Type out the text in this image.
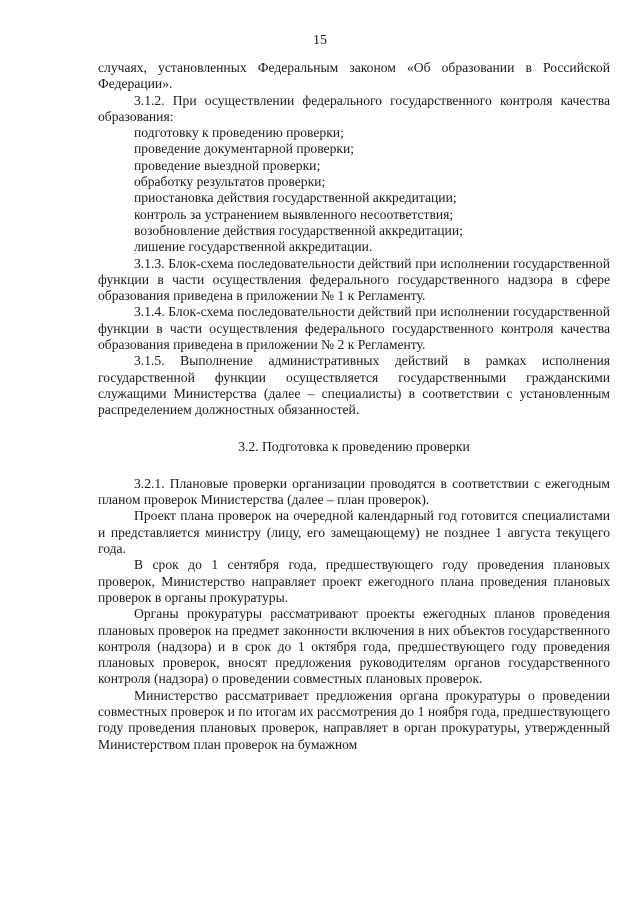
15

случаях, установленных Федеральным законом «Об образовании в Российской Федерации».

3.1.2. При осуществлении федерального государственного контроля качества образования:

подготовку к проведению проверки;

проведение документарной проверки;

проведение выездной проверки;

обработку результатов проверки;

приостановка действия государственной аккредитации;

контроль за устранением выявленного несоответствия;

возобновление действия государственной аккредитации;

лишение государственной аккредитации.

3.1.3. Блок-схема последовательности действий при исполнении государственной функции в части осуществления федерального государственного надзора в сфере образования приведена в приложении № 1 к Регламенту.

3.1.4. Блок-схема последовательности действий при исполнении государственной функции в части осуществления федерального государственного контроля качества образования приведена в приложении № 2 к Регламенту.

3.1.5. Выполнение административных действий в рамках исполнения государственной функции осуществляется государственными гражданскими служащими Министерства (далее – специалисты) в соответствии с установленным распределением должностных обязанностей.

3.2. Подготовка к проведению проверки

3.2.1. Плановые проверки организации проводятся в соответствии с ежегодным планом проверок Министерства (далее – план проверок).

Проект плана проверок на очередной календарный год готовится специалистами и представляется министру (лицу, его замещающему) не позднее 1 августа текущего года.

В срок до 1 сентября года, предшествующего году проведения плановых проверок, Министерство направляет проект ежегодного плана проведения плановых проверок в органы прокуратуры.

Органы прокуратуры рассматривают проекты ежегодных планов проведения плановых проверок на предмет законности включения в них объектов государственного контроля (надзора) и в срок до 1 октября года, предшествующего году проведения плановых проверок, вносят предложения руководителям органов государственного контроля (надзора) о проведении совместных плановых проверок.

Министерство рассматривает предложения органа прокуратуры о проведении совместных проверок и по итогам их рассмотрения до 1 ноября года, предшествующего году проведения плановых проверок, направляет в орган прокуратуры, утвержденный Министерством план проверок на бумажном
